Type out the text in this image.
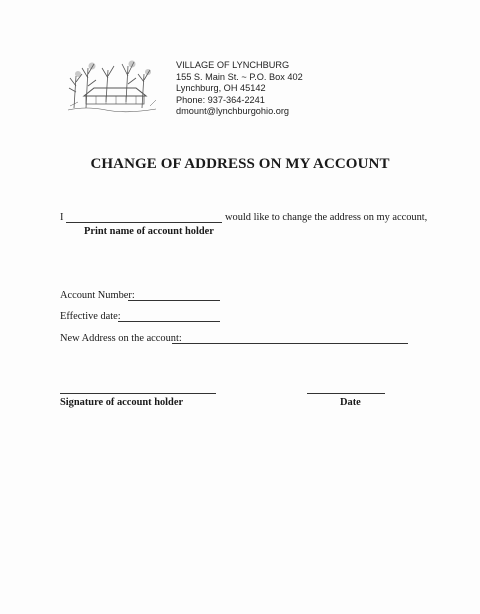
VILLAGE OF LYNCHBURG
155 S. Main St. ~ P.O. Box 402
Lynchburg, OH 45142
Phone: 937-364-2241
dmount@lynchburgohio.org
CHANGE OF ADDRESS ON MY ACCOUNT
I	would like to change the address on my account,
Print name of account holder
Account Number:
Effective date:
New Address on the account:
Signature of account holder	Date
